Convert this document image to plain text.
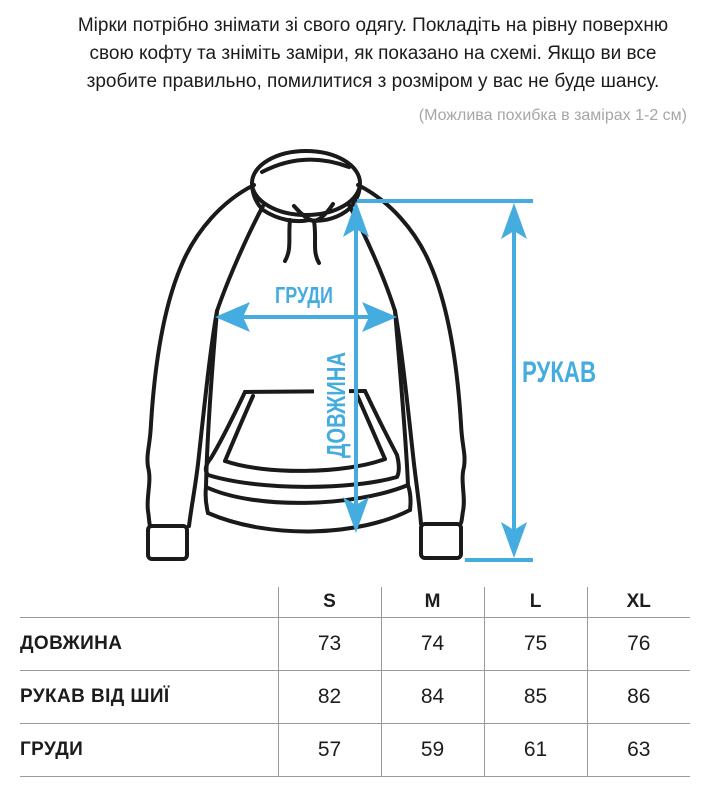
Мірки потрібно знімати зі свого одягу. Покладіть на рівну поверхню
свою кофту та зніміть заміри, як показано на схемі. Якщо ви все
зробите правильно, помилитися з розміром у вас не буде шансу.
(Можлива похибка в замірах 1-2 см)
ГРУДИ
ДОВЖИНА	РУКАВ
	S	M	L	XL
ДОВЖИНА	73	74	75	76
РУКАВ ВІД ШИЇ	82	84	85	86
ГРУДИ	57	59	61	63
